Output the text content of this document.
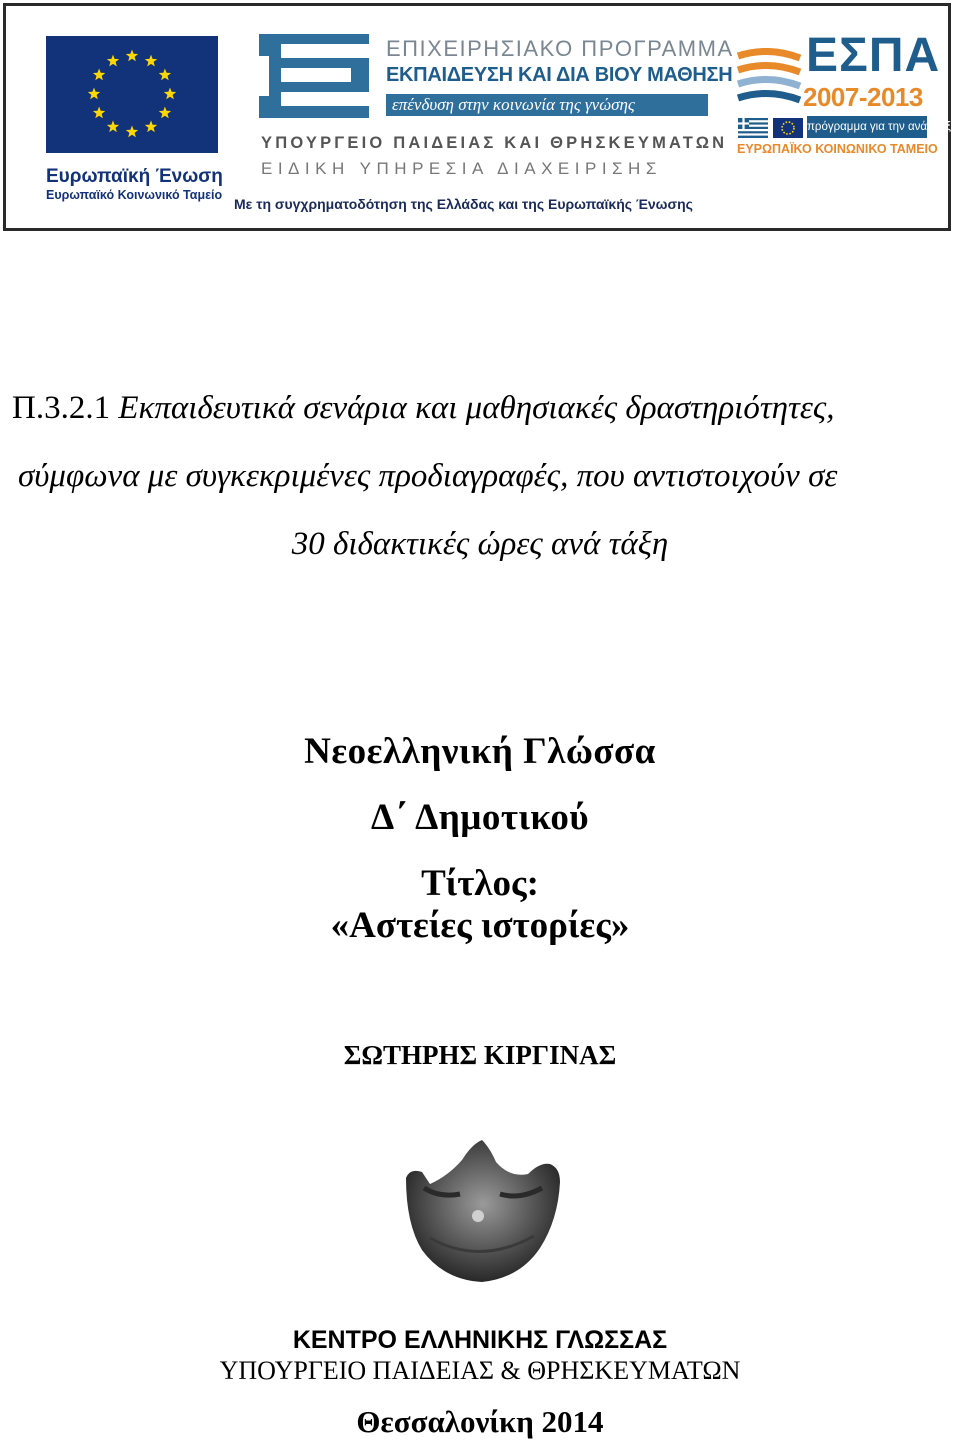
Ευρωπαϊκή Ένωση
Ευρωπαϊκό Κοινωνικό Ταμείο
ΕΠΙΧΕΙΡΗΣΙΑΚΟ ΠΡΟΓΡΑΜΜΑ
ΕΚΠΑΙΔΕΥΣΗ ΚΑΙ ΔΙΑ ΒΙΟΥ ΜΑΘΗΣΗ
επένδυση στην κοινωνία της γνώσης
ΥΠΟΥΡΓΕΙΟ ΠΑΙΔΕΙΑΣ ΚΑΙ ΘΡΗΣΚΕΥΜΑΤΩΝ
ΕΙΔΙΚΗ ΥΠΗΡΕΣΙΑ ΔΙΑΧΕΙΡΙΣΗΣ
Με τη συγχρηματοδότηση της Ελλάδας και της Ευρωπαϊκής Ένωσης
ΕΣΠΑ
2007-2013
πρόγραμμα για την ανάπτυξη
ΕΥΡΩΠΑΪΚΟ ΚΟΙΝΩΝΙΚΟ ΤΑΜΕΙΟ
Π.3.2.1 Εκπαιδευτικά σενάρια και μαθησιακές δραστηριότητες,
σύμφωνα με συγκεκριμένες προδιαγραφές, που αντιστοιχούν σε
30 διδακτικές ώρες ανά τάξη
Νεοελληνική Γλώσσα
Δ΄ Δημοτικού
Τίτλος:
«Αστείες ιστορίες»
ΣΩΤΗΡΗΣ ΚΙΡΓΙΝΑΣ
ΚΕΝΤΡΟ ΕΛΛΗΝΙΚΗΣ ΓΛΩΣΣΑΣ
ΥΠΟΥΡΓΕΙΟ ΠΑΙΔΕΙΑΣ & ΘΡΗΣΚΕΥΜΑΤΩΝ
Θεσσαλονίκη 2014
